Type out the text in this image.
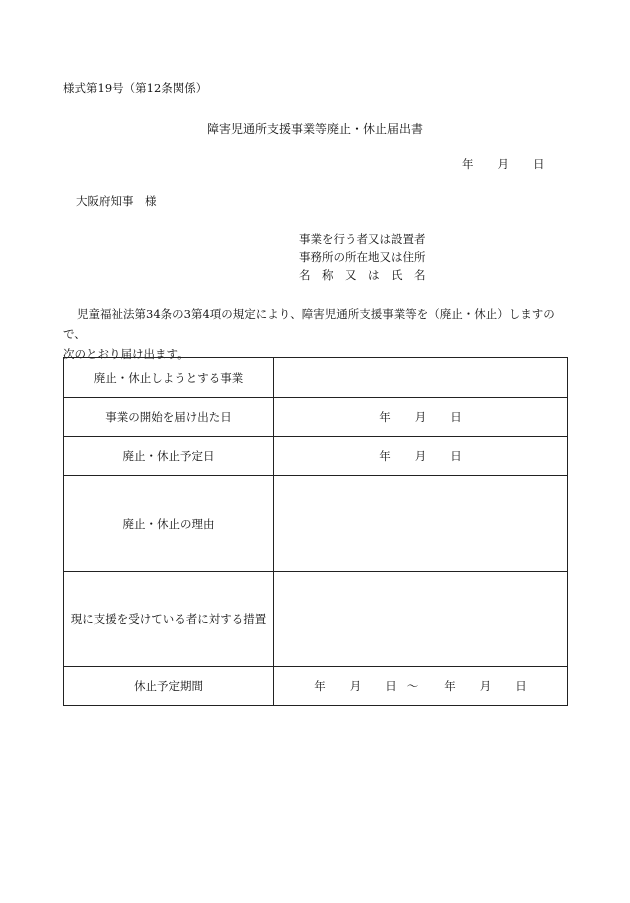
様式第19号（第12条関係）
障害児通所支援事業等廃止・休止届出書
年 月 日
大阪府知事　様
事業を行う者又は設置者
事務所の所在地又は住所
名　称　又　は　氏　名

児童福祉法第34条の3第4項の規定により、障害児通所支援事業等を（廃止・休止）しますので、

次のとおり届け出ます。

廃止・休止しようとする事業	
事業の開始を届け出た日	年 月 日
廃止・休止予定日	年 月 日
廃止・休止の理由	
現に支援を受けている者に対する措置	
休止予定期間	年 月 日 ～ 年 月 日
